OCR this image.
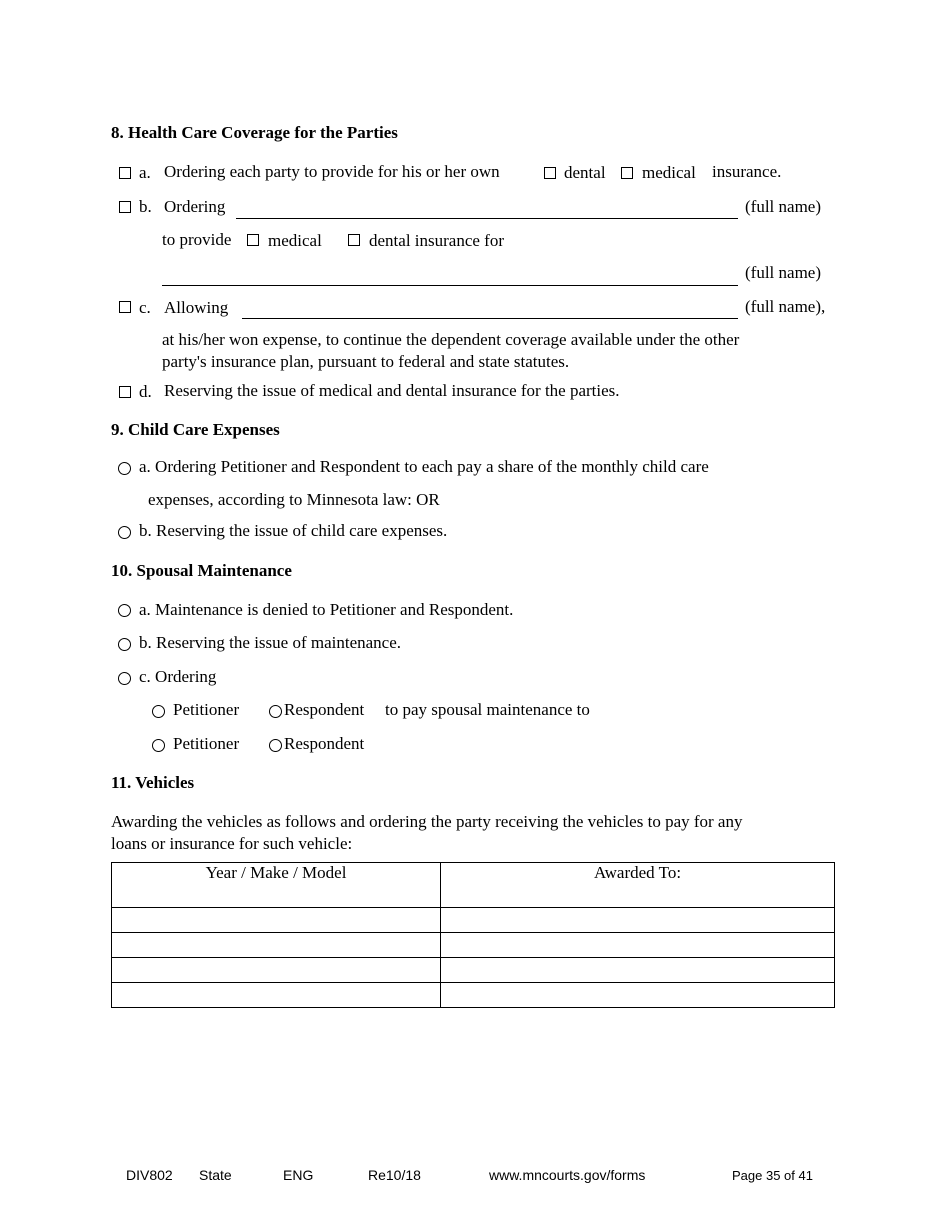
8. Health Care Coverage for the Parties
a. Ordering each party to provide for his or her own	dental medical insurance.
b. Ordering	(full name)
to provide medical	dental insurance for
(full name)
c. Allowing	(full name),
at his/her won expense, to continue the dependent coverage available under the other
party's insurance plan, pursuant to federal and state statutes.
d. Reserving the issue of medical and dental insurance for the parties.
9. Child Care Expenses
a. Ordering Petitioner and Respondent to each pay a share of the monthly child care
expenses, according to Minnesota law: OR
b. Reserving the issue of child care expenses.
10. Spousal Maintenance
a. Maintenance is denied to Petitioner and Respondent.
b. Reserving the issue of maintenance.
c. Ordering
Petitioner	Respondent to pay spousal maintenance to
Petitioner	Respondent
11. Vehicles
Awarding the vehicles as follows and ordering the party receiving the vehicles to pay for any
loans or insurance for such vehicle:
Year / Make / Model	Awarded To:

DIV802 State	ENG	Re10/18	www.mncourts.gov/forms	Page 35 of 41
